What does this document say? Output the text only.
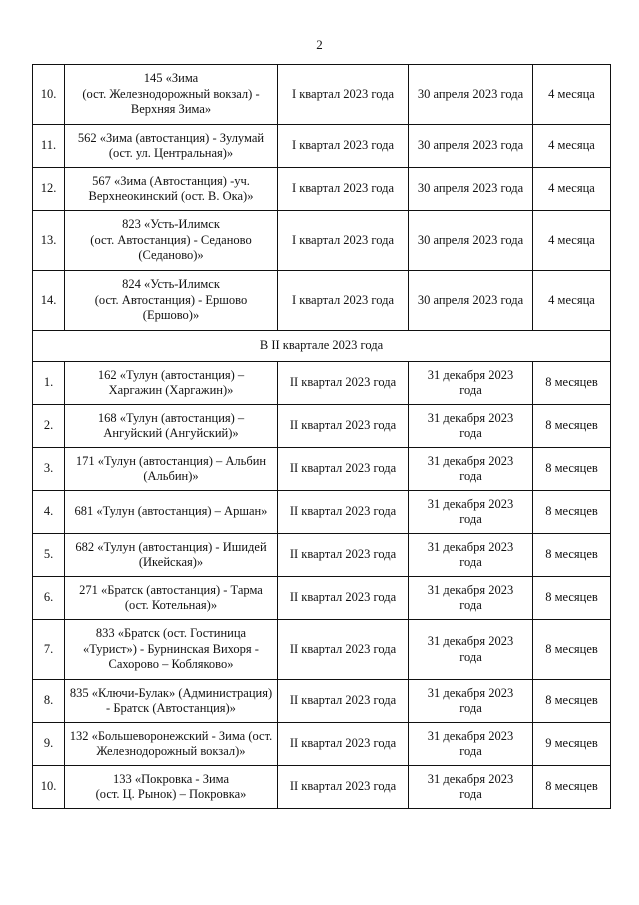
2
10.	145 «Зима
(ост. Железнодорожный вокзал) -
Верхняя Зима»	I квартал 2023 года	30 апреля 2023 года	4 месяца
11.	562 «Зима (автостанция) - Зулумай
(ост. ул. Центральная)»	I квартал 2023 года	30 апреля 2023 года	4 месяца
12.	567 «Зима (Автостанция) -уч.
Верхнеокинский (ост. В. Ока)»	I квартал 2023 года	30 апреля 2023 года	4 месяца
13.	823 «Усть-Илимск
(ост. Автостанция) - Седаново
(Седаново)»	I квартал 2023 года	30 апреля 2023 года	4 месяца
14.	824 «Усть-Илимск
(ост. Автостанция) - Ершово
(Ершово)»	I квартал 2023 года	30 апреля 2023 года	4 месяца
В II квартале 2023 года				
1.	162 «Тулун (автостанция) –
Харгажин (Харгажин)»	II квартал 2023 года	31 декабря 2023
года	8 месяцев
2.	168 «Тулун (автостанция) –
Ангуйский (Ангуйский)»	II квартал 2023 года	31 декабря 2023
года	8 месяцев
3.	171 «Тулун (автостанция) – Альбин
(Альбин)»	II квартал 2023 года	31 декабря 2023
года	8 месяцев
4.	681 «Тулун (автостанция) – Аршан»	II квартал 2023 года	31 декабря 2023
года	8 месяцев
5.	682 «Тулун (автостанция) - Ишидей
(Икейская)»	II квартал 2023 года	31 декабря 2023
года	8 месяцев
6.	271 «Братск (автостанция) - Тарма
(ост. Котельная)»	II квартал 2023 года	31 декабря 2023
года	8 месяцев
7.	833 «Братск (ост. Гостиница
«Турист») - Бурнинская Вихоря -
Сахорово – Кобляково»	II квартал 2023 года	31 декабря 2023
года	8 месяцев
8.	835 «Ключи-Булак» (Администрация)
- Братск (Автостанция)»	II квартал 2023 года	31 декабря 2023
года	8 месяцев
9.	132 «Большеворонежский - Зима (ост.
Железнодорожный вокзал)»	II квартал 2023 года	31 декабря 2023
года	9 месяцев
10.	133 «Покровка - Зима
(ост. Ц. Рынок) – Покровка»	II квартал 2023 года	31 декабря 2023
года	8 месяцев
